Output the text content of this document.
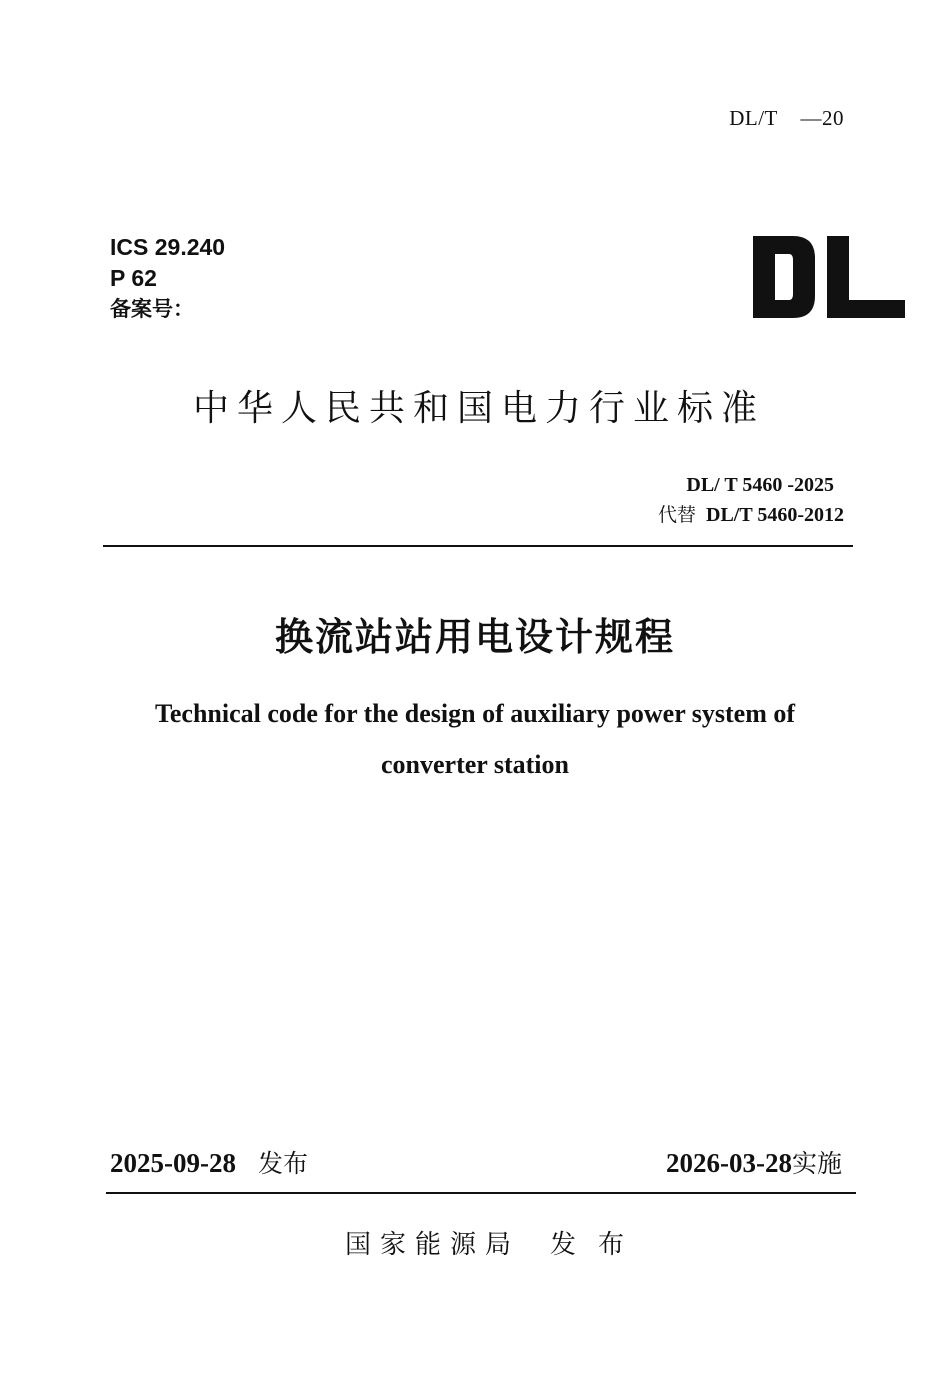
DL/T    —20
ICS 29.240
P 62
备案号：
中华人民共和国电力行业标准
DL/ T 5460 -2025
代替 DL/T 5460-2012
换流站站用电设计规程
Technical code for the design of auxiliary power system of
converter station
2025-09-28 发布	2026-03-28实施
国家能源局 发布
